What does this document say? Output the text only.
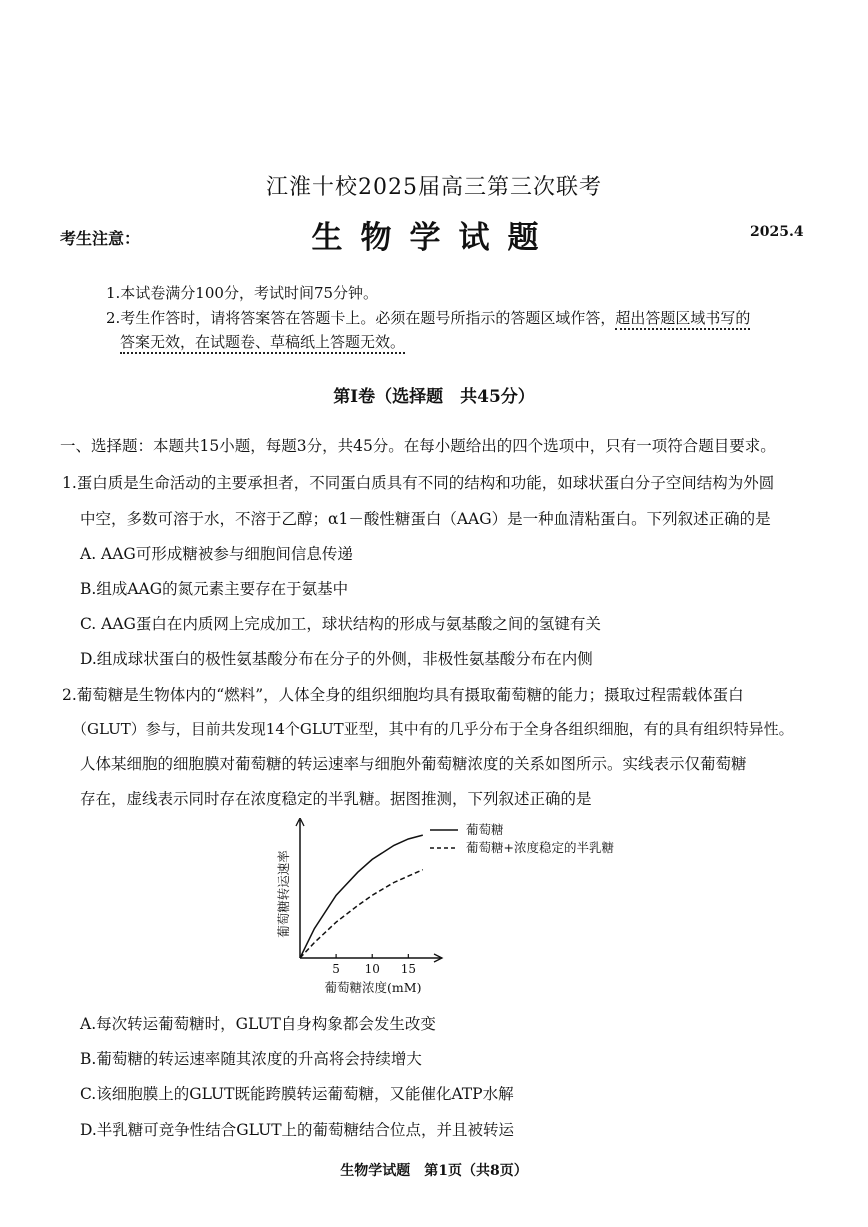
江淮十校2025届高三第三次联考
生物学试题	2025.4
考生注意：
1.本试卷满分100分，考试时间75分钟。
2.考生作答时，请将答案答在答题卡上。必须在题号所指示的答题区域作答，超出答题区域书写的
答案无效，在试题卷、草稿纸上答题无效。
第Ⅰ卷（选择题　共45分）
一、选择题：本题共15小题，每题3分，共45分。在每小题给出的四个选项中，只有一项符合题目要求。
1.蛋白质是生命活动的主要承担者，不同蛋白质具有不同的结构和功能，如球状蛋白分子空间结构为外圆
中空，多数可溶于水，不溶于乙醇；α1－酸性糖蛋白（AAG）是一种血清粘蛋白。下列叙述正确的是
A. AAG可形成糖被参与细胞间信息传递
B.组成AAG的氮元素主要存在于氨基中
C. AAG蛋白在内质网上完成加工，球状结构的形成与氨基酸之间的氢键有关
D.组成球状蛋白的极性氨基酸分布在分子的外侧，非极性氨基酸分布在内侧
2.葡萄糖是生物体内的“燃料”，人体全身的组织细胞均具有摄取葡萄糖的能力；摄取过程需载体蛋白
（GLUT）参与，目前共发现14个GLUT亚型，其中有的几乎分布于全身各组织细胞，有的具有组织特异性。
人体某细胞的细胞膜对葡萄糖的转运速率与细胞外葡萄糖浓度的关系如图所示。实线表示仅葡萄糖
存在，虚线表示同时存在浓度稳定的半乳糖。据图推测，下列叙述正确的是
5 10 15
葡萄糖浓度(mM)
葡萄糖转运速率
葡萄糖
葡萄糖+浓度稳定的半乳糖
A.每次转运葡萄糖时，GLUT自身构象都会发生改变
B.葡萄糖的转运速率随其浓度的升高将会持续增大
C.该细胞膜上的GLUT既能跨膜转运葡萄糖，又能催化ATP水解
D.半乳糖可竞争性结合GLUT上的葡萄糖结合位点，并且被转运
生物学试题　第1页（共8页）
